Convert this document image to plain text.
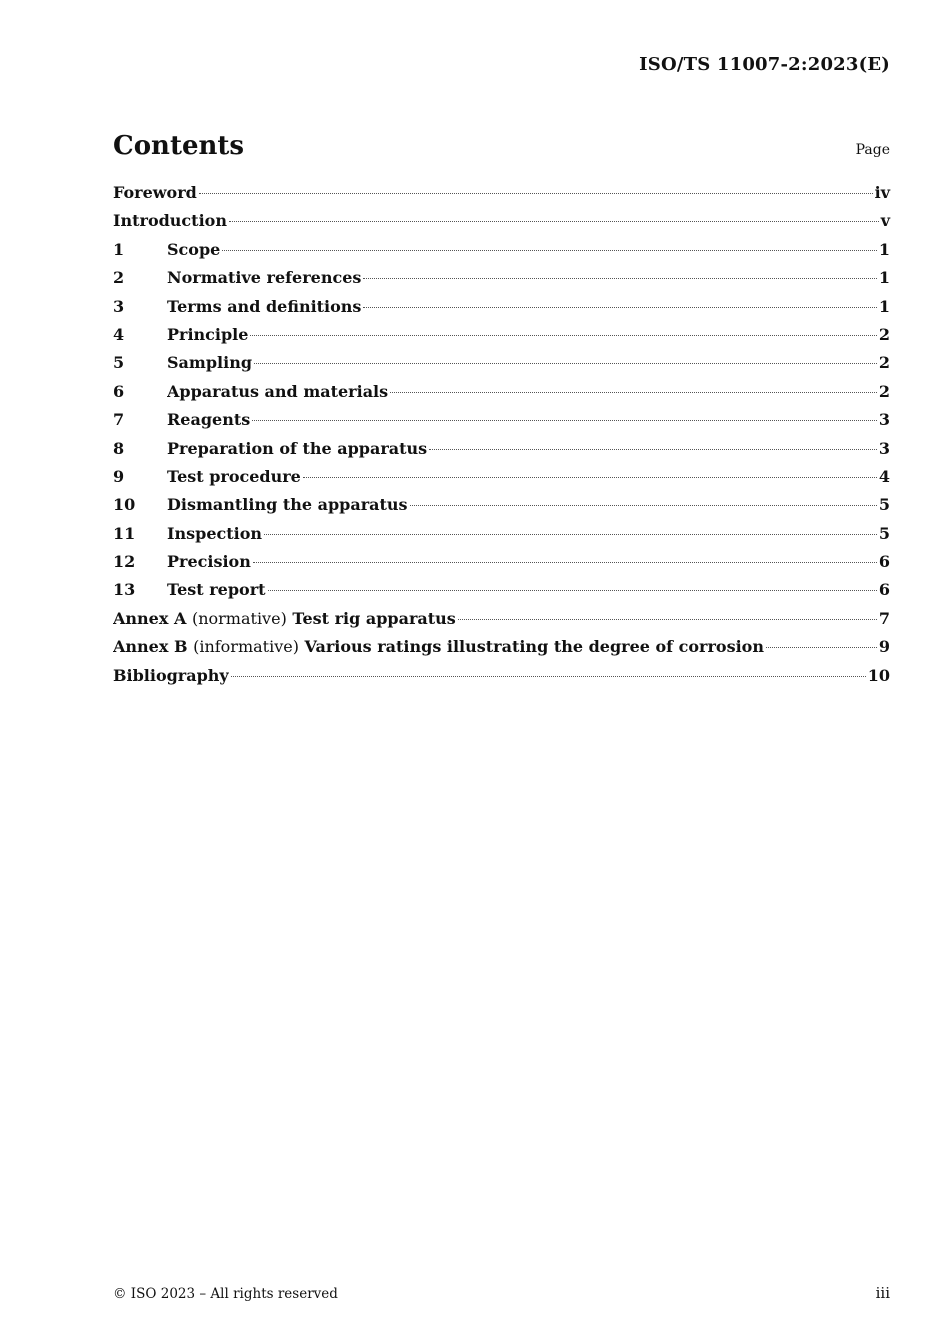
ISO/TS 11007-2:2023(E)
Contents	Page
Foreword	iv
Introduction	v
1	Scope	1
2	Normative references	1
3	Terms and definitions	1
4	Principle	2
5	Sampling	2
6	Apparatus and materials	2
7	Reagents	3
8	Preparation of the apparatus	3
9	Test procedure	4
10	Dismantling the apparatus	5
11	Inspection	5
12	Precision	6
13	Test report	6
Annex A (normative) Test rig apparatus	7
Annex B (informative) Various ratings illustrating the degree of corrosion	9
Bibliography	10
© ISO 2023 – All rights reserved	iii
